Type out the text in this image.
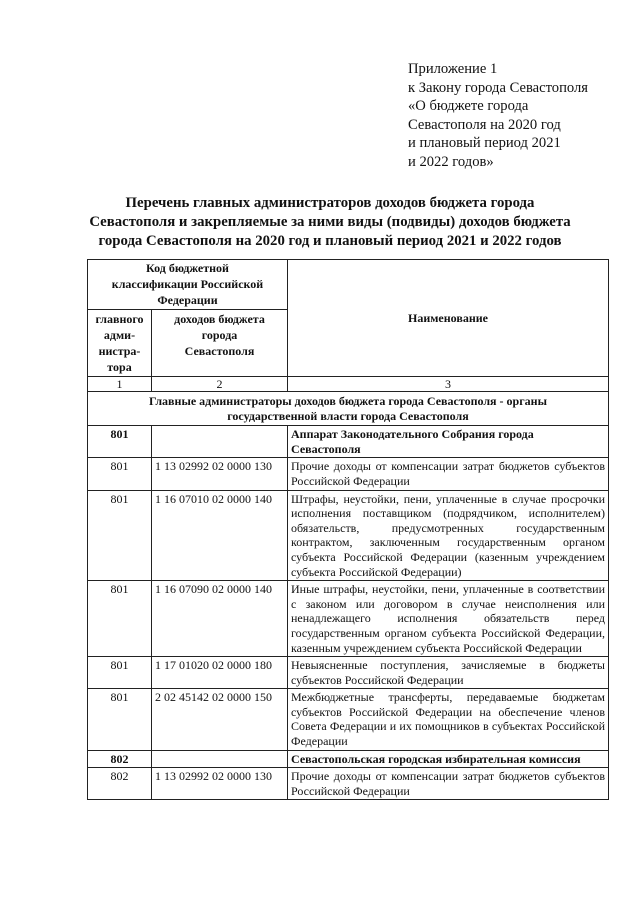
Приложение 1
к Закону города Севастополя
«О бюджете города
Севастополя на 2020 год
и плановый период 2021
и 2022 годов»
Перечень главных администраторов доходов бюджета города
Севастополя и закрепляемые за ними виды (подвиды) доходов бюджета
города Севастополя на 2020 год и плановый период 2021 и 2022 годов
Код бюджетной классификации Российской Федерации		Наименование
главного адми-нистра-тора	доходов бюджета города Севастополя	
1	2	3
Главные администраторы доходов бюджета города Севастополя - органы государственной власти города Севастополя		
801		Аппарат Законодательного Собрания города Севастополя
801	1 13 02992 02 0000 130	Прочие доходы от компенсации затрат бюджетов субъектов Российской Федерации
801	1 16 07010 02 0000 140	Штрафы, неустойки, пени, уплаченные в случае просрочки исполнения поставщиком (подрядчиком, исполнителем) обязательств, предусмотренных государственным контрактом, заключенным государственным органом субъекта Российской Федерации (казенным учреждением субъекта Российской Федерации)
801	1 16 07090 02 0000 140	Иные штрафы, неустойки, пени, уплаченные в соответствии с законом или договором в случае неисполнения или ненадлежащего исполнения обязательств перед государственным органом субъекта Российской Федерации, казенным учреждением субъекта Российской Федерации
801	1 17 01020 02 0000 180	Невыясненные поступления, зачисляемые в бюджеты субъектов Российской Федерации
801	2 02 45142 02 0000 150	Межбюджетные трансферты, передаваемые бюджетам субъектов Российской Федерации на обеспечение членов Совета Федерации и их помощников в субъектах Российской Федерации
802		Севастопольская городская избирательная комиссия
802	1 13 02992 02 0000 130	Прочие доходы от компенсации затрат бюджетов субъектов Российской Федерации
